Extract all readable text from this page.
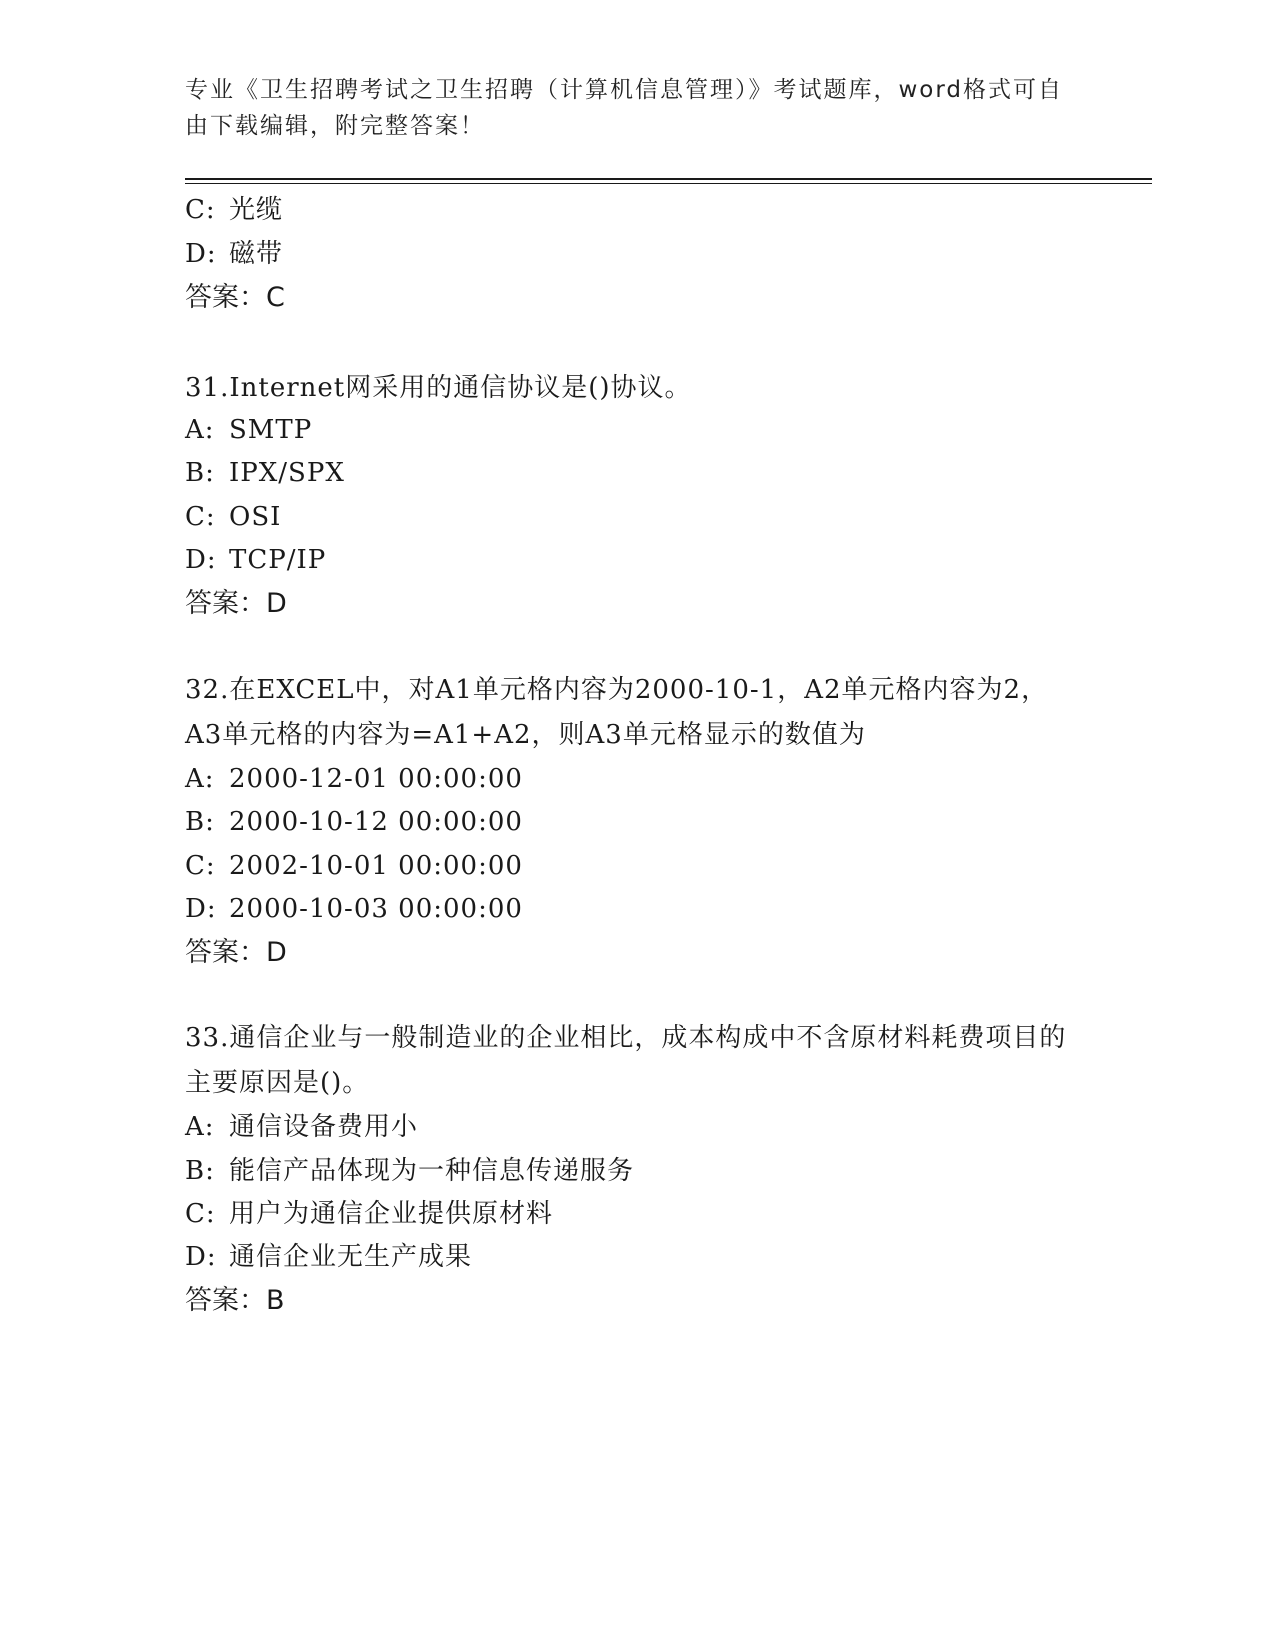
专业《卫生招聘考试之卫生招聘（计算机信息管理）》考试题库，word格式可自由下载编辑，附完整答案！
C: 光缆
D: 磁带
答案：C
31.Internet网采用的通信协议是()协议。
A: SMTP
B: IPX/SPX
C: OSI
D: TCP/IP
答案：D
32.在EXCEL中，对A1单元格内容为2000-10-1，A2单元格内容为2，A3单元格的内容为=A1+A2，则A3单元格显示的数值为
A: 2000-12-01 00:00:00
B: 2000-10-12 00:00:00
C: 2002-10-01 00:00:00
D: 2000-10-03 00:00:00
答案：D
33.通信企业与一般制造业的企业相比，成本构成中不含原材料耗费项目的主要原因是()。
A: 通信设备费用小
B: 能信产品体现为一种信息传递服务
C: 用户为通信企业提供原材料
D: 通信企业无生产成果
答案：B
